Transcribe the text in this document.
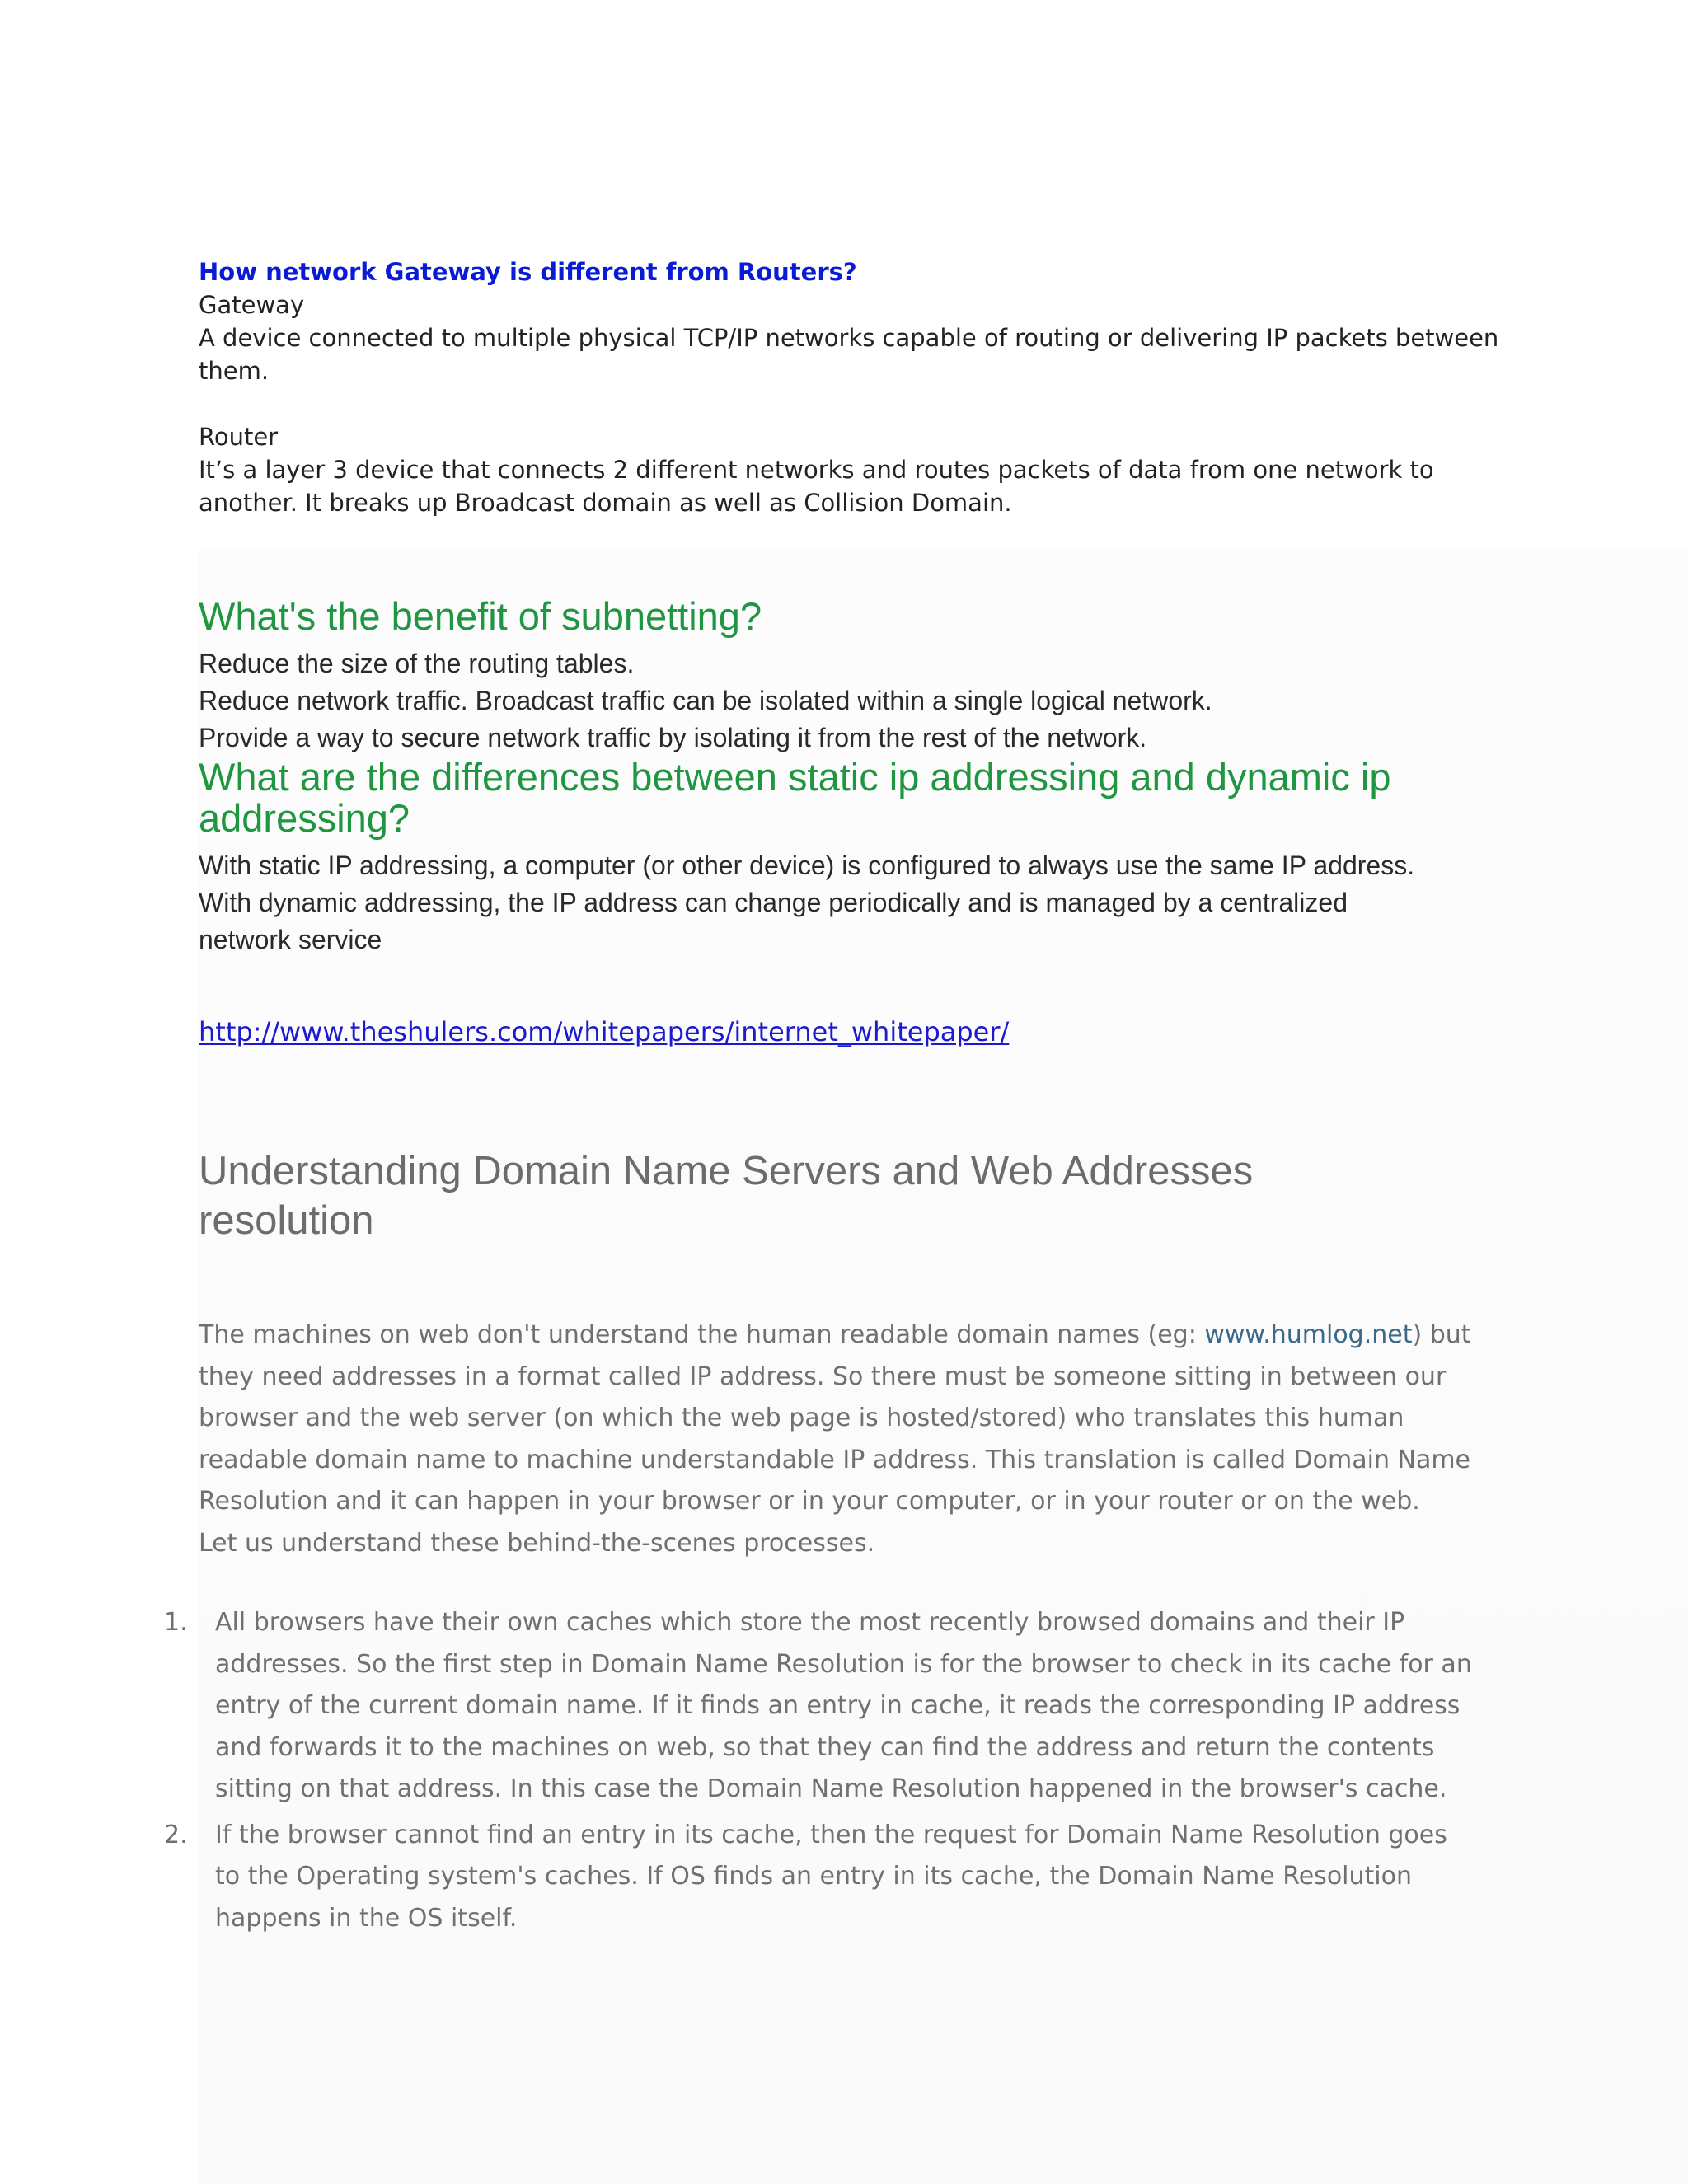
How network Gateway is different from Routers?

Gateway

A device connected to multiple physical TCP/IP networks capable of routing or delivering IP packets between

them.

Router

It’s a layer 3 device that connects 2 different networks and routes packets of data from one network to

another. It breaks up Broadcast domain as well as Collision Domain.

What's the benefit of subnetting?

Reduce the size of the routing tables.

Reduce network traffic. Broadcast traffic can be isolated within a single logical network.

Provide a way to secure network traffic by isolating it from the rest of the network.

What are the differences between static ip addressing and dynamic ip
addressing?

With static IP addressing, a computer (or other device) is configured to always use the same IP address.

With dynamic addressing, the IP address can change periodically and is managed by a centralized

network service

http://www.theshulers.com/whitepapers/internet_whitepaper/
Understanding Domain Name Servers and Web Addresses
resolution

The machines on web don't understand the human readable domain names (eg: www.humlog.net) but

they need addresses in a format called IP address. So there must be someone sitting in between our

browser and the web server (on which the web page is hosted/stored) who translates this human

readable domain name to machine understandable IP address. This translation is called Domain Name

Resolution and it can happen in your browser or in your computer, or in your router or on the web.

Let us understand these behind-the-scenes processes.

1. All browsers have their own caches which store the most recently browsed domains and their IP
addresses. So the first step in Domain Name Resolution is for the browser to check in its cache for an
entry of the current domain name. If it finds an entry in cache, it reads the corresponding IP address
and forwards it to the machines on web, so that they can find the address and return the contents
sitting on that address. In this case the Domain Name Resolution happened in the browser's cache.
2. If the browser cannot find an entry in its cache, then the request for Domain Name Resolution goes
to the Operating system's caches. If OS finds an entry in its cache, the Domain Name Resolution
happens in the OS itself.
